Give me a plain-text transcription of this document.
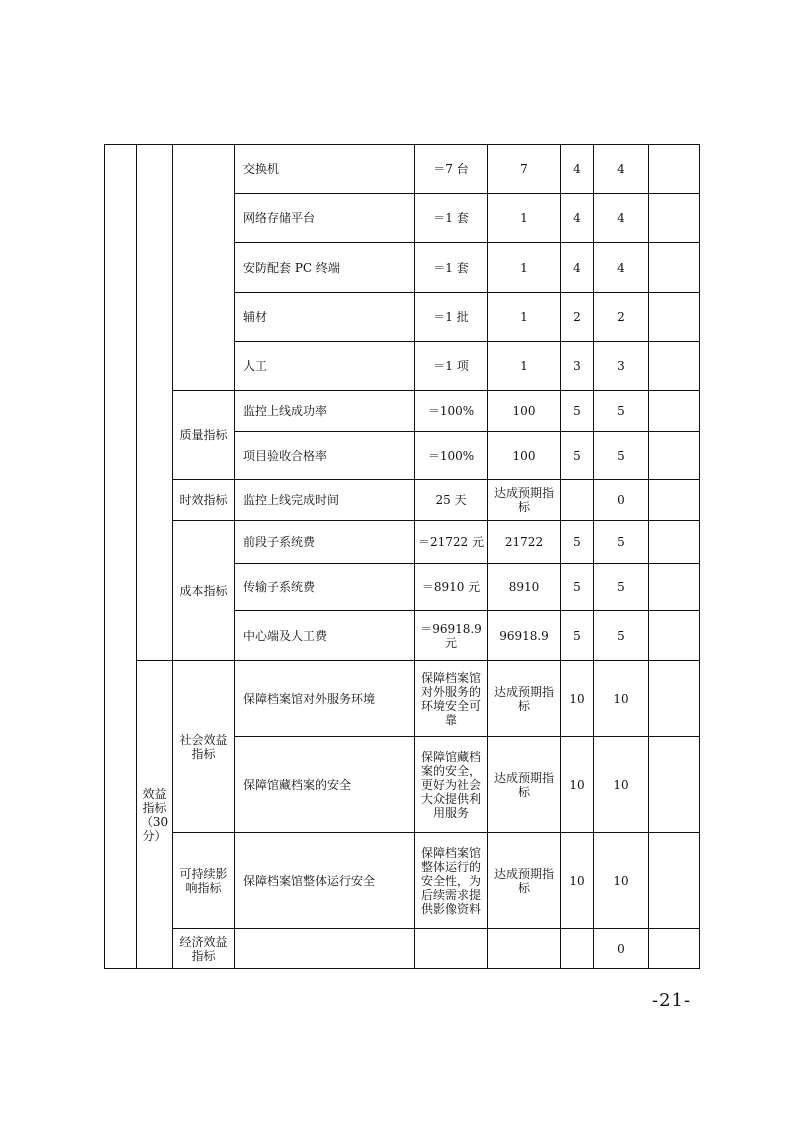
			交换机	＝7 台	7	4	4	
			网络存储平台	＝1 套	1	4	4	
			安防配套 PC 终端	＝1 套	1	4	4	
			辅材	＝1 批	1	2	2	
			人工	＝1 项	1	3	3	
		质量指标	监控上线成功率	＝100%	100	5	5	
			项目验收合格率	＝100%	100	5	5	
		时效指标	监控上线完成时间	25 天	达成预期指标		0	
		成本指标	前段子系统费	＝21722 元	21722	5	5	
			传输子系统费	＝8910 元	8910	5	5	
			中心端及人工费	＝96918.9 元	96918.9	5	5	
	效益指标（30分）	社会效益指标	保障档案馆对外服务环境	保障档案馆对外服务的环境安全可靠	达成预期指标	10	10	
			保障馆藏档案的安全	保障馆藏档案的安全，更好为社会大众提供利用服务	达成预期指标	10	10	
		可持续影响指标	保障档案馆整体运行安全	保障档案馆整体运行的安全性，为后续需求提供影像资料	达成预期指标	10	10	
		经济效益指标					0	
-21-
